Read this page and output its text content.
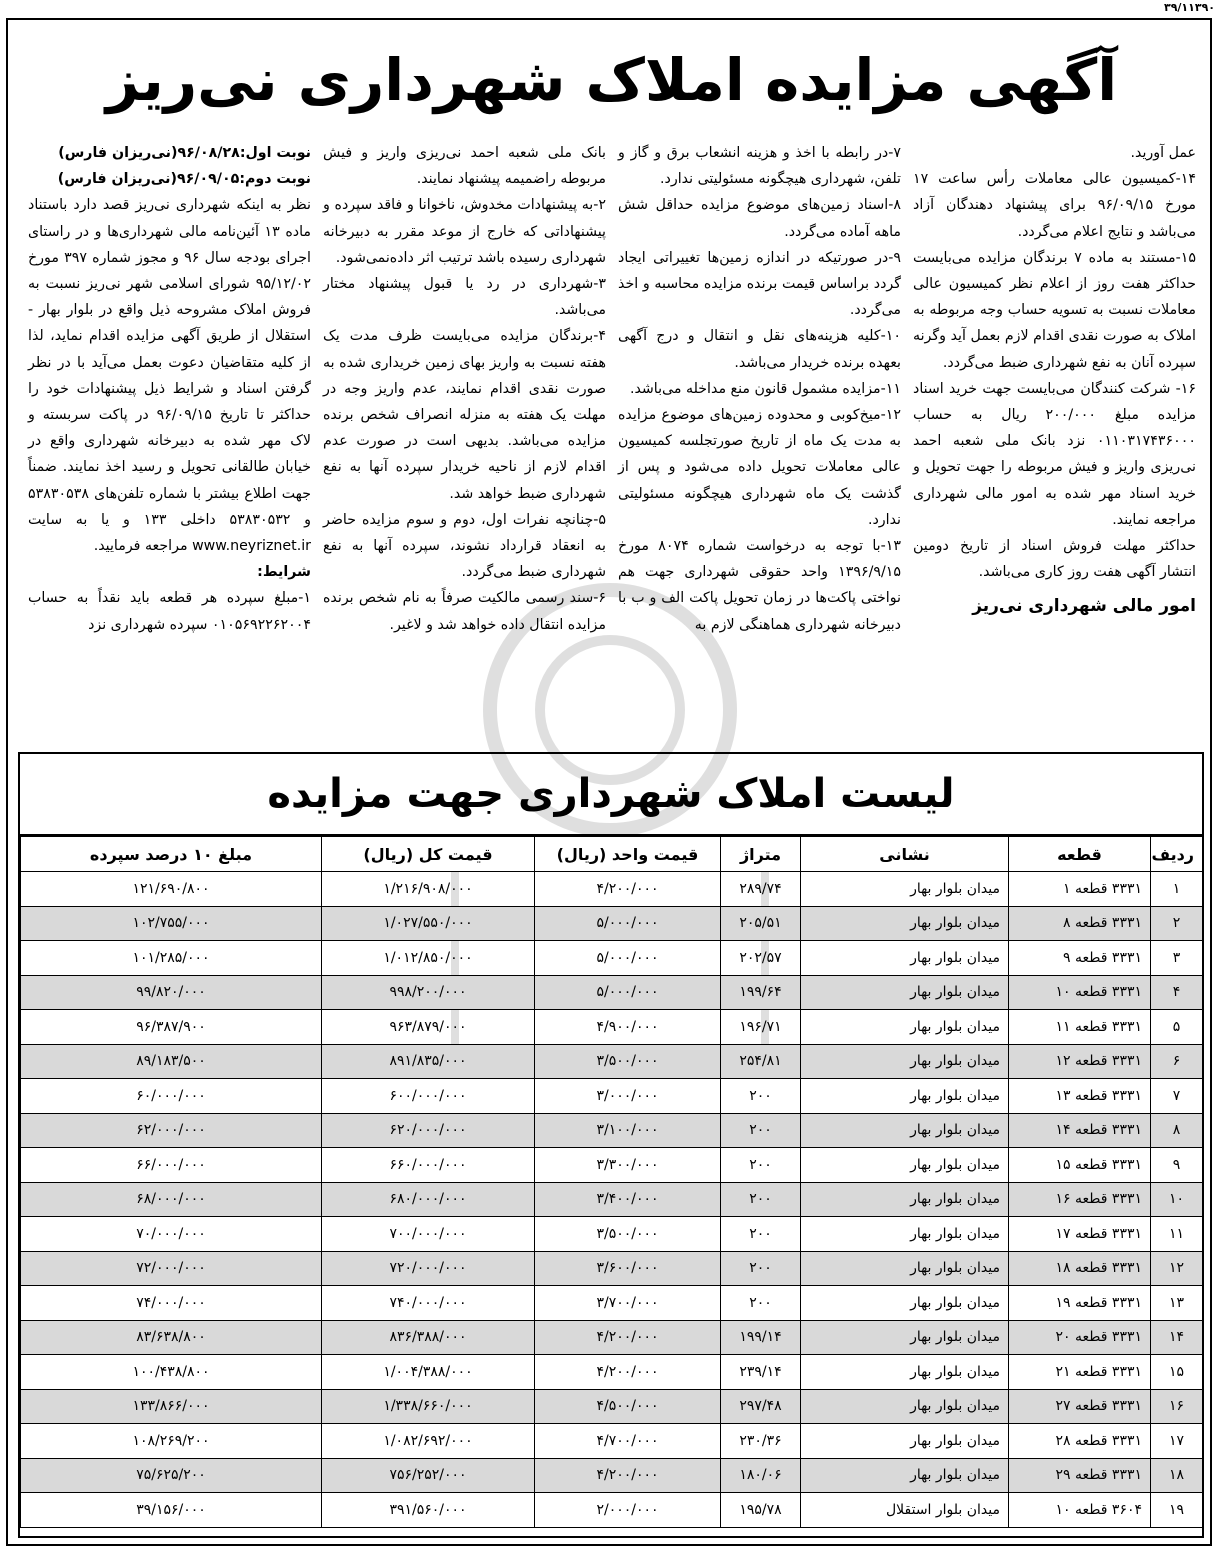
۳۹/۱۱۳۹۰
آگهی مزایده املاک شهرداری نی‌ریز

نوبت اول:۹۶/۰۸/۲۸(نی‌ریزان فارس)

نوبت دوم:۹۶/۰۹/۰۵(نی‌ریزان فارس)

نظر به اینکه شهرداری نی‌ریز قصد دارد باستناد ماده ۱۳ آئین‌نامه مالی شهرداری‌ها و در راستای اجرای بودجه سال ۹۶ و مجوز شماره ۳۹۷ مورخ ۹۵/۱۲/۰۲ شورای اسلامی شهر نی‌ریز نسبت به فروش املاک مشروحه ذیل واقع در بلوار بهار - استقلال از طریق آگهی مزایده اقدام نماید، لذا از کلیه متقاضیان دعوت بعمل می‌آید با در نظر گرفتن اسناد و شرایط ذیل پیشنهادات خود را حداکثر تا تاریخ ۹۶/۰۹/۱۵ در پاکت سربسته و لاک مهر شده به دبیرخانه شهرداری واقع در خیابان طالقانی تحویل و رسید اخذ نمایند. ضمناً جهت اطلاع بیشتر با شماره تلفن‌های ۵۳۸۳۰۵۳۸ و ۵۳۸۳۰۵۳۲ داخلی ۱۳۳ و یا به سایت www.neyriznet.ir مراجعه فرمایید.

شرایط:

۱-مبلغ سپرده هر قطعه باید نقداً به حساب ۰۱۰۵۶۹۲۲۶۲۰۰۴ سپرده شهرداری نزد

بانک ملی شعبه احمد نی‌ریزی واریز و فیش مربوطه راضمیمه پیشنهاد نمایند.

۲-به پیشنهادات مخدوش، ناخوانا و فاقد سپرده و پیشنهاداتی که خارج از موعد مقرر به دبیرخانه شهرداری رسیده باشد ترتیب اثر داده‌نمی‌شود.

۳-شهرداری در رد یا قبول پیشنهاد مختار می‌باشد.

۴-برندگان مزایده می‌بایست ظرف مدت یک هفته نسبت به واریز بهای زمین خریداری شده به صورت نقدی اقدام نمایند، عدم واریز وجه در مهلت یک هفته به منزله انصراف شخص برنده مزایده می‌باشد. بدیهی است در صورت عدم اقدام لازم از ناحیه خریدار سپرده آنها به نفع شهرداری ضبط خواهد شد.

۵-چنانچه نفرات اول، دوم و سوم مزایده حاضر به انعقاد قرارداد نشوند، سپرده آنها به نفع شهرداری ضبط می‌گردد.

۶-سند رسمی مالکیت صرفاً به نام شخص برنده مزایده انتقال داده خواهد شد و لاغیر.

۷-در رابطه با اخذ و هزینه انشعاب برق و گاز و تلفن، شهرداری هیچگونه مسئولیتی ندارد.

۸-اسناد زمین‌های موضوع مزایده حداقل شش ماهه آماده می‌گردد.

۹-در صورتیکه در اندازه زمین‌ها تغییراتی ایجاد گردد براساس قیمت برنده مزایده محاسبه و اخذ می‌گردد.

۱۰-کلیه هزینه‌های نقل و انتقال و درج آگهی بعهده برنده خریدار می‌باشد.

۱۱-مزایده مشمول قانون منع مداخله می‌باشد.

۱۲-میخ‌کوبی و محدوده زمین‌های موضوع مزایده به مدت یک ماه از تاریخ صورتجلسه کمیسیون عالی معاملات تحویل داده می‌شود و پس از گذشت یک ماه شهرداری هیچگونه مسئولیتی ندارد.

۱۳-با توجه به درخواست شماره ۸۰۷۴ مورخ ۱۳۹۶/۹/۱۵ واحد حقوقی شهرداری جهت هم نواختی پاکت‌ها در زمان تحویل پاکت الف و ب با دبیرخانه شهرداری هماهنگی لازم به

عمل آورید.

۱۴-کمیسیون عالی معاملات رأس ساعت ۱۷ مورخ ۹۶/۰۹/۱۵ برای پیشنهاد دهندگان آزاد می‌باشد و نتایج اعلام می‌گردد.

۱۵-مستند به ماده ۷ برندگان مزایده می‌بایست حداکثر هفت روز از اعلام نظر کمیسیون عالی معاملات نسبت به تسویه حساب وجه مربوطه به املاک به صورت نقدی اقدام لازم بعمل آید وگرنه سپرده آنان به نفع شهرداری ضبط می‌گردد.

۱۶- شرکت کنندگان می‌بایست جهت خرید اسناد مزایده مبلغ ۲۰۰/۰۰۰ ریال به حساب ۰۱۱۰۳۱۷۴۳۶۰۰۰ نزد بانک ملی شعبه احمد نی‌ریزی واریز و فیش مربوطه را جهت تحویل و خرید اسناد مهر شده به امور مالی شهرداری مراجعه نمایند.

حداکثر مهلت فروش اسناد از تاریخ دومین انتشار آگهی هفت روز کاری می‌باشد.

امور مالی شهرداری نی‌ریز

لیست املاک شهرداری جهت مزایده
ردیف	قطعه	نشانی	متراژ	قیمت واحد (ریال)	قیمت کل (ریال)	مبلغ ۱۰ درصد سپرده
۱	۳۳۳۱ قطعه ۱	میدان بلوار بهار	۲۸۹/۷۴	۴/۲۰۰/۰۰۰	۱/۲۱۶/۹۰۸/۰۰۰	۱۲۱/۶۹۰/۸۰۰
۲	۳۳۳۱ قطعه ۸	میدان بلوار بهار	۲۰۵/۵۱	۵/۰۰۰/۰۰۰	۱/۰۲۷/۵۵۰/۰۰۰	۱۰۲/۷۵۵/۰۰۰
۳	۳۳۳۱ قطعه ۹	میدان بلوار بهار	۲۰۲/۵۷	۵/۰۰۰/۰۰۰	۱/۰۱۲/۸۵۰/۰۰۰	۱۰۱/۲۸۵/۰۰۰
۴	۳۳۳۱ قطعه ۱۰	میدان بلوار بهار	۱۹۹/۶۴	۵/۰۰۰/۰۰۰	۹۹۸/۲۰۰/۰۰۰	۹۹/۸۲۰/۰۰۰
۵	۳۳۳۱ قطعه ۱۱	میدان بلوار بهار	۱۹۶/۷۱	۴/۹۰۰/۰۰۰	۹۶۳/۸۷۹/۰۰۰	۹۶/۳۸۷/۹۰۰
۶	۳۳۳۱ قطعه ۱۲	میدان بلوار بهار	۲۵۴/۸۱	۳/۵۰۰/۰۰۰	۸۹۱/۸۳۵/۰۰۰	۸۹/۱۸۳/۵۰۰
۷	۳۳۳۱ قطعه ۱۳	میدان بلوار بهار	۲۰۰	۳/۰۰۰/۰۰۰	۶۰۰/۰۰۰/۰۰۰	۶۰/۰۰۰/۰۰۰
۸	۳۳۳۱ قطعه ۱۴	میدان بلوار بهار	۲۰۰	۳/۱۰۰/۰۰۰	۶۲۰/۰۰۰/۰۰۰	۶۲/۰۰۰/۰۰۰
۹	۳۳۳۱ قطعه ۱۵	میدان بلوار بهار	۲۰۰	۳/۳۰۰/۰۰۰	۶۶۰/۰۰۰/۰۰۰	۶۶/۰۰۰/۰۰۰
۱۰	۳۳۳۱ قطعه ۱۶	میدان بلوار بهار	۲۰۰	۳/۴۰۰/۰۰۰	۶۸۰/۰۰۰/۰۰۰	۶۸/۰۰۰/۰۰۰
۱۱	۳۳۳۱ قطعه ۱۷	میدان بلوار بهار	۲۰۰	۳/۵۰۰/۰۰۰	۷۰۰/۰۰۰/۰۰۰	۷۰/۰۰۰/۰۰۰
۱۲	۳۳۳۱ قطعه ۱۸	میدان بلوار بهار	۲۰۰	۳/۶۰۰/۰۰۰	۷۲۰/۰۰۰/۰۰۰	۷۲/۰۰۰/۰۰۰
۱۳	۳۳۳۱ قطعه ۱۹	میدان بلوار بهار	۲۰۰	۳/۷۰۰/۰۰۰	۷۴۰/۰۰۰/۰۰۰	۷۴/۰۰۰/۰۰۰
۱۴	۳۳۳۱ قطعه ۲۰	میدان بلوار بهار	۱۹۹/۱۴	۴/۲۰۰/۰۰۰	۸۳۶/۳۸۸/۰۰۰	۸۳/۶۳۸/۸۰۰
۱۵	۳۳۳۱ قطعه ۲۱	میدان بلوار بهار	۲۳۹/۱۴	۴/۲۰۰/۰۰۰	۱/۰۰۴/۳۸۸/۰۰۰	۱۰۰/۴۳۸/۸۰۰
۱۶	۳۳۳۱ قطعه ۲۷	میدان بلوار بهار	۲۹۷/۴۸	۴/۵۰۰/۰۰۰	۱/۳۳۸/۶۶۰/۰۰۰	۱۳۳/۸۶۶/۰۰۰
۱۷	۳۳۳۱ قطعه ۲۸	میدان بلوار بهار	۲۳۰/۳۶	۴/۷۰۰/۰۰۰	۱/۰۸۲/۶۹۲/۰۰۰	۱۰۸/۲۶۹/۲۰۰
۱۸	۳۳۳۱ قطعه ۲۹	میدان بلوار بهار	۱۸۰/۰۶	۴/۲۰۰/۰۰۰	۷۵۶/۲۵۲/۰۰۰	۷۵/۶۲۵/۲۰۰
۱۹	۳۶۰۴ قطعه ۱۰	میدان بلوار استقلال	۱۹۵/۷۸	۲/۰۰۰/۰۰۰	۳۹۱/۵۶۰/۰۰۰	۳۹/۱۵۶/۰۰۰
